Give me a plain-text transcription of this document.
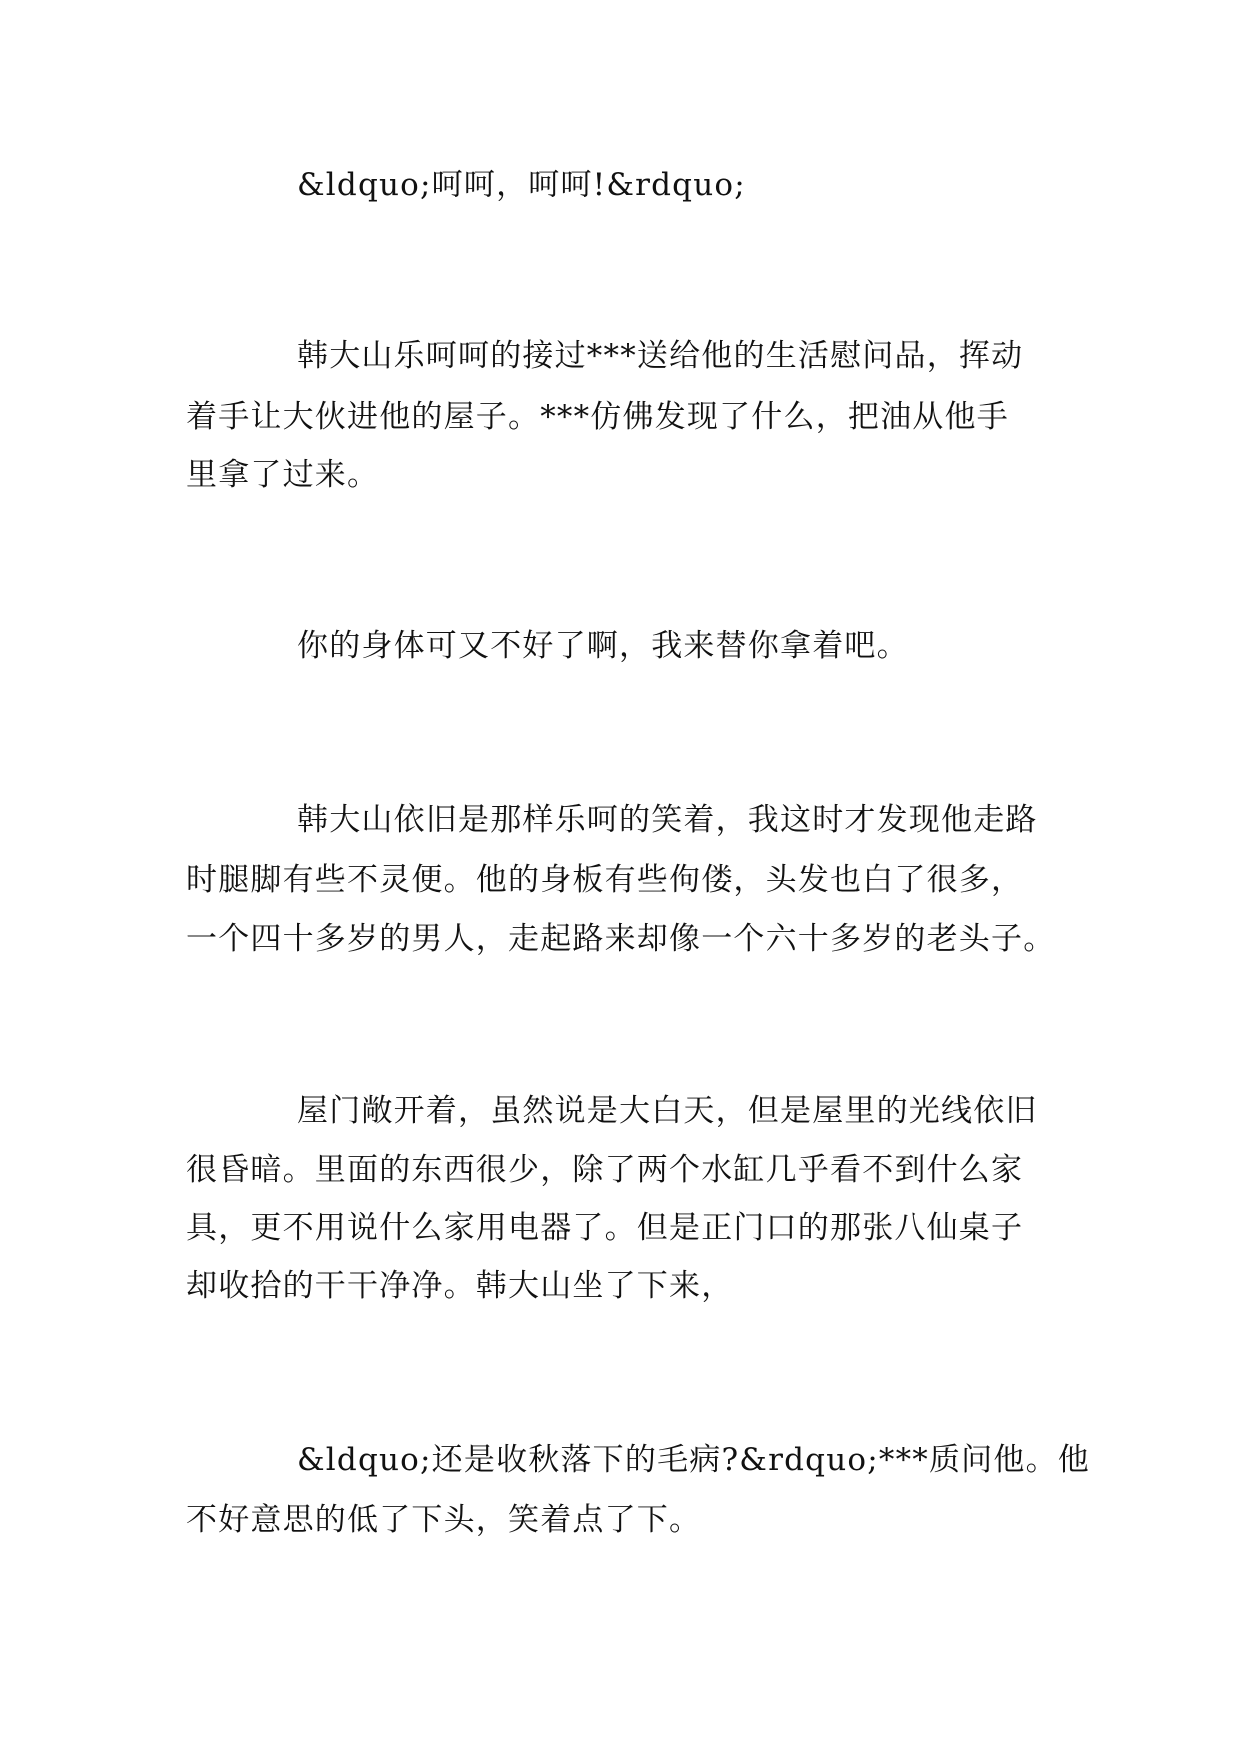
&ldquo;呵呵，呵呵!&rdquo;
韩大山乐呵呵的接过***送给他的生活慰问品，挥动
着手让大伙进他的屋子。***仿佛发现了什么，把油从他手
里拿了过来。
你的身体可又不好了啊，我来替你拿着吧。
韩大山依旧是那样乐呵的笑着，我这时才发现他走路
时腿脚有些不灵便。他的身板有些佝偻，头发也白了很多，
一个四十多岁的男人，走起路来却像一个六十多岁的老头子。
屋门敞开着，虽然说是大白天，但是屋里的光线依旧
很昏暗。里面的东西很少，除了两个水缸几乎看不到什么家
具，更不用说什么家用电器了。但是正门口的那张八仙桌子
却收拾的干干净净。韩大山坐了下来，
&ldquo;还是收秋落下的毛病?&rdquo;***质问他。他
不好意思的低了下头，笑着点了下。
